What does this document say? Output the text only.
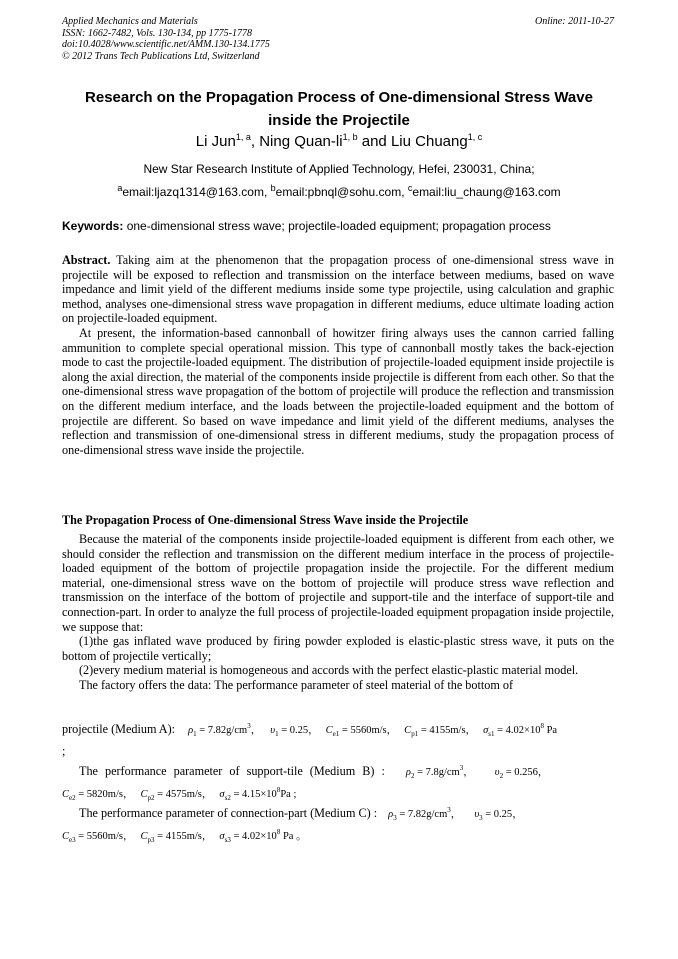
Applied Mechanics and Materials
ISSN: 1662-7482, Vols. 130-134, pp 1775-1778
doi:10.4028/www.scientific.net/AMM.130-134.1775
© 2012 Trans Tech Publications Ltd, Switzerland
Online: 2011-10-27
Research on the Propagation Process of One-dimensional Stress Wave
inside the Projectile
Li Jun$^{1, a}$, Ning Quan-li$^{1, b}$ and Liu Chuang$^{1, c}$
New Star Research Institute of Applied Technology, Hefei, 230031, China;
$^a$email:ljazq1314@163.com, $^b$email:pbnql@sohu.com, $^c$email:liu_chaung@163.com
Keywords: one-dimensional stress wave; projectile-loaded equipment; propagation process

Abstract. Taking aim at the phenomenon that the propagation process of one-dimensional stress wave in projectile will be exposed to reflection and transmission on the interface between mediums, based on wave impedance and limit yield of the different mediums inside some type projectile, using calculation and graphic method, analyses one-dimensional stress wave propagation in different mediums, educe ultimate loading action on projectile-loaded equipment.

At present, the information-based cannonball of howitzer firing always uses the cannon carried falling ammunition to complete special operational mission. This type of cannonball mostly takes the back-ejection mode to cast the projectile-loaded equipment. The distribution of projectile-loaded equipment inside projectile is along the axial direction, the material of the components inside projectile is different from each other. So that the one-dimensional stress wave propagation of the bottom of projectile will produce the reflection and transmission on the different medium interface, and the loads between the projectile-loaded equipment and the bottom of projectile are different. So based on wave impedance and limit yield of the different mediums, analyses the reflection and transmission of one-dimensional stress in different mediums, study the propagation process of one-dimensional stress wave inside the projectile.

The Propagation Process of One-dimensional Stress Wave inside the Projectile

Because the material of the components inside projectile-loaded equipment is different from each other, we should consider the reflection and transmission on the different medium interface in the process of projectile-loaded equipment of the bottom of projectile propagation inside the projectile. For the different medium material, one-dimensional stress wave on the bottom of projectile will produce stress wave reflection and transmission on the interface of the bottom of projectile and support-tile and the interface of support-tile and connection-part. In order to analyze the full process of projectile-loaded equipment propagation inside projectile, we suppose that:

(1)the gas inflated wave produced by firing powder exploded is elastic-plastic stress wave, it puts on the bottom of projectile vertically;

(2)every medium material is homogeneous and accords with the perfect elastic-plastic material model.

The factory offers the data: The performance parameter of steel material of the bottom of

projectile (Medium A): $\rho_1 = 7.82g/cm^3$， $\upsilon_1 = 0.25$， $C_{e1} = 5560m/s$， $C_{p1} = 4155m/s$， $\sigma_{s1} = 4.02\times 10^8$ Pa
;
The performance parameter of support-tile (Medium B) : $\rho_2 = 7.8g/cm^3$， $\upsilon_2 = 0.256$，
$C_{e2} = 5820m/s$， $C_{p2} = 4575m/s$， $\sigma_{s2} = 4.15\times 10^8Pa$ ;
The performance parameter of connection-part (Medium C) : $\rho_3 = 7.82g/cm^3$， $\upsilon_3 = 0.25$，
$C_{e3} = 5560m/s$， $C_{p3} = 4155m/s$， $\sigma_{s3} = 4.02\times 10^8$ Pa 。
